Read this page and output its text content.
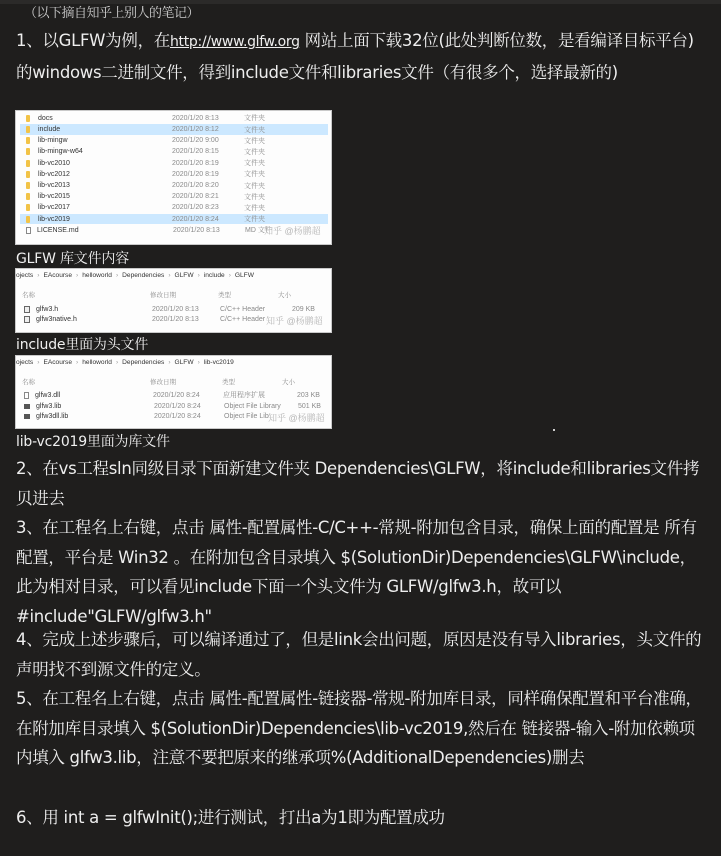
（以下摘自知乎上别人的笔记）
1、以GLFW为例，在http://www.glfw.org 网站上面下载32位(此处判断位数，是看编译目标平台)的windows二进制文件，得到include文件和libraries文件（有很多个，选择最新的)
docs	2020/1/20 8:13	文件夹
include	2020/1/20 8:12	文件夹
lib-mingw	2020/1/20 9:00	文件夹
lib-mingw-w64	2020/1/20 8:15	文件夹
lib-vc2010	2020/1/20 8:19	文件夹
lib-vc2012	2020/1/20 8:19	文件夹
lib-vc2013	2020/1/20 8:20	文件夹
lib-vc2015	2020/1/20 8:21	文件夹
lib-vc2017	2020/1/20 8:23	文件夹
lib-vc2019	2020/1/20 8:24	文件夹
LICENSE.md	2020/1/20 8:13	MD 文件
知乎 @杨鹏超
GLFW 库文件内容
ojects › EAcourse › helloworld › Dependencies › GLFW › include › GLFW
名称	修改日期	类型	大小
glfw3.h	2020/1/20 8:13	C/C++ Header	209 KB
glfw3native.h	2020/1/20 8:13	C/C++ Header 知乎 @杨鹏超
include里面为头文件
ojects › EAcourse › helloworld › Dependencies › GLFW › lib-vc2019
名称	修改日期	类型	大小
glfw3.dll	2020/1/20 8:24	应用程序扩展	203 KB
glfw3.lib	2020/1/20 8:24	Object File Library	501 KB
glfw3dll.lib	2020/1/20 8:24	Object File Lib 知乎 @杨鹏超
lib-vc2019里面为库文件
2、在vs工程sln同级目录下面新建文件夹 Dependencies\GLFW，将include和libraries文件拷贝进去
3、在工程名上右键，点击 属性-配置属性-C/C++-常规-附加包含目录，确保上面的配置是 所有配置，平台是 Win32 。在附加包含目录填入 $(SolutionDir)Dependencies\GLFW\include，此为相对目录，可以看见include下面一个头文件为 GLFW/glfw3.h，故可以#include"GLFW/glfw3.h"
4、完成上述步骤后，可以编译通过了，但是link会出问题，原因是没有导入libraries，头文件的声明找不到源文件的定义。
5、在工程名上右键，点击 属性-配置属性-链接器-常规-附加库目录，同样确保配置和平台准确，在附加库目录填入 $(SolutionDir)Dependencies\lib-vc2019,然后在 链接器-输入-附加依赖项 内填入 glfw3.lib，注意不要把原来的继承项%(AdditionalDependencies)删去
6、用 int a = glfwInit();进行测试，打出a为1即为配置成功
